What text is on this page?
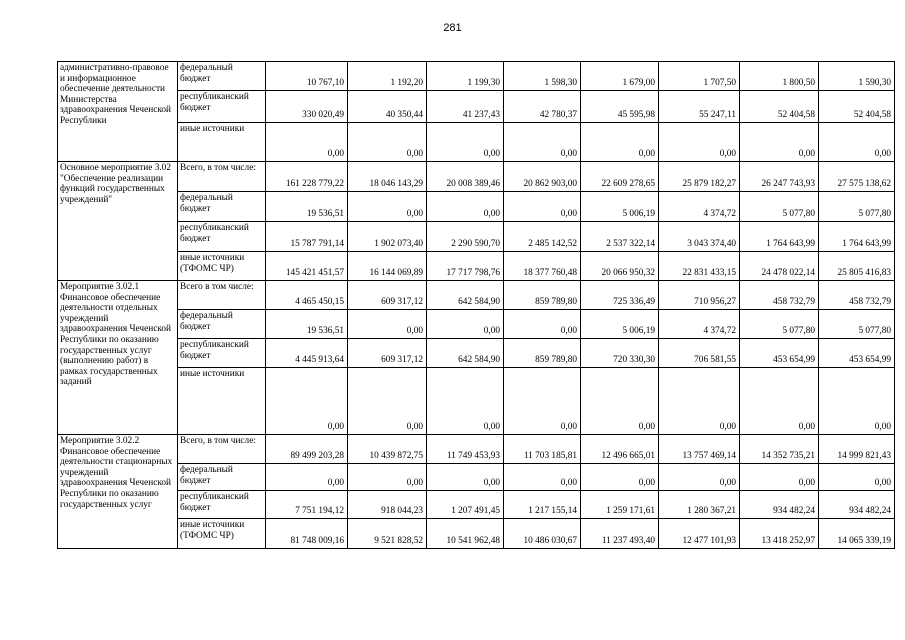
281
административно-правовое и информационное обеспечение деятельности Министерства здравоохранения Чеченской Республики	федеральный бюджет	10 767,10	1 192,20	1 199,30	1 598,30	1 679,00	1 707,50	1 800,50	1 590,30
	республиканский бюджет	330 020,49	40 350,44	41 237,43	42 780,37	45 595,98	55 247,11	52 404,58	52 404,58
	иные источники	0,00	0,00	0,00	0,00	0,00	0,00	0,00	0,00
Основное мероприятие 3.02 "Обеспечение реализации функций государственных учреждений"	Всего, в том числе:	161 228 779,22	18 046 143,29	20 008 389,46	20 862 903,00	22 609 278,65	25 879 182,27	26 247 743,93	27 575 138,62
	федеральный бюджет	19 536,51	0,00	0,00	0,00	5 006,19	4 374,72	5 077,80	5 077,80
	республиканский бюджет	15 787 791,14	1 902 073,40	2 290 590,70	2 485 142,52	2 537 322,14	3 043 374,40	1 764 643,99	1 764 643,99
	иные источники (ТФОМС ЧР)	145 421 451,57	16 144 069,89	17 717 798,76	18 377 760,48	20 066 950,32	22 831 433,15	24 478 022,14	25 805 416,83
Мероприятие 3.02.1 Финансовое обеспечение деятельности отдельных учреждений здравоохранения Чеченской Республики по оказанию государственных услуг (выполнению работ) в рамках государственных заданий	Всего в том числе:	4 465 450,15	609 317,12	642 584,90	859 789,80	725 336,49	710 956,27	458 732,79	458 732,79
	федеральный бюджет	19 536,51	0,00	0,00	0,00	5 006,19	4 374,72	5 077,80	5 077,80
	республиканский бюджет	4 445 913,64	609 317,12	642 584,90	859 789,80	720 330,30	706 581,55	453 654,99	453 654,99
	иные источники	0,00	0,00	0,00	0,00	0,00	0,00	0,00	0,00
Мероприятие 3.02.2 Финансовое обеспечение деятельности стационарных учреждений здравоохранения Чеченской Республики по оказанию государственных услуг	Всего, в том числе:	89 499 203,28	10 439 872,75	11 749 453,93	11 703 185,81	12 496 665,01	13 757 469,14	14 352 735,21	14 999 821,43
	федеральный бюджет	0,00	0,00	0,00	0,00	0,00	0,00	0,00	0,00
	республиканский бюджет	7 751 194,12	918 044,23	1 207 491,45	1 217 155,14	1 259 171,61	1 280 367,21	934 482,24	934 482,24
	иные источники (ТФОМС ЧР)	81 748 009,16	9 521 828,52	10 541 962,48	10 486 030,67	11 237 493,40	12 477 101,93	13 418 252,97	14 065 339,19
